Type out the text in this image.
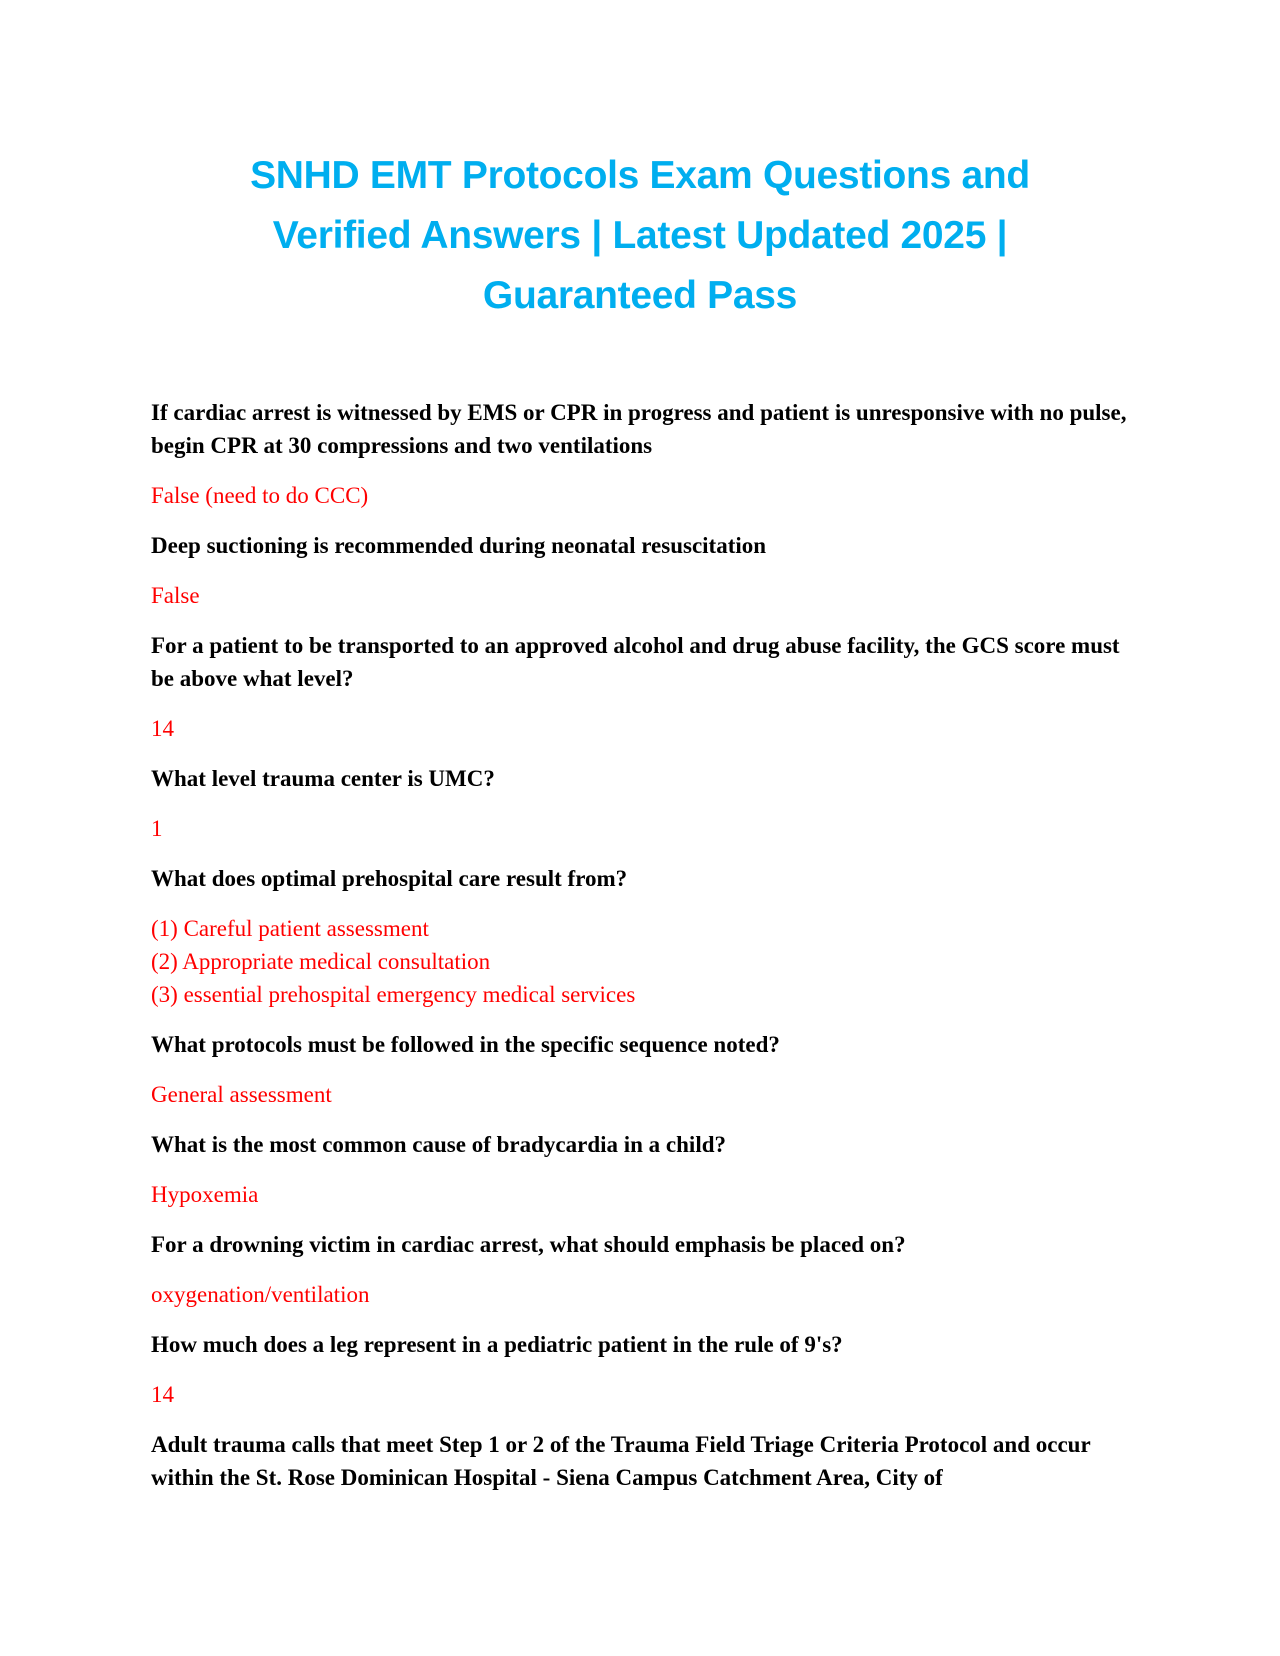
SNHD EMT Protocols Exam Questions and
Verified Answers | Latest Updated 2025 |
Guaranteed Pass

If cardiac arrest is witnessed by EMS or CPR in progress and patient is unresponsive with no pulse, begin CPR at 30 compressions and two ventilations

False (need to do CCC)

Deep suctioning is recommended during neonatal resuscitation

False

For a patient to be transported to an approved alcohol and drug abuse facility, the GCS score must be above what level?

14

What level trauma center is UMC?

1

What does optimal prehospital care result from?

(1) Careful patient assessment
(2) Appropriate medical consultation
(3) essential prehospital emergency medical services

What protocols must be followed in the specific sequence noted?

General assessment

What is the most common cause of bradycardia in a child?

Hypoxemia

For a drowning victim in cardiac arrest, what should emphasis be placed on?

oxygenation/ventilation

How much does a leg represent in a pediatric patient in the rule of 9's?

14

Adult trauma calls that meet Step 1 or 2 of the Trauma Field Triage Criteria Protocol and occur within the St. Rose Dominican Hospital - Siena Campus Catchment Area, City of
